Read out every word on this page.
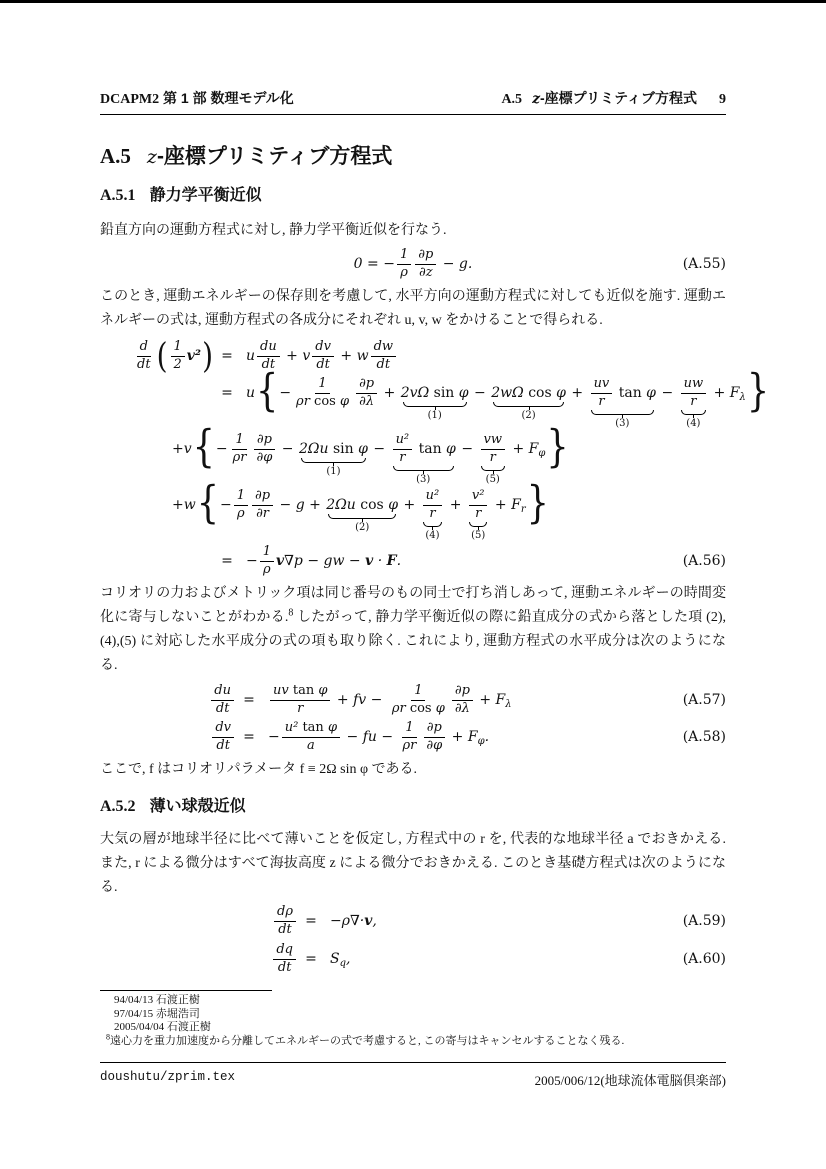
DCAPM2 第 1 部 数理モデル化	A.5 z-座標プリミティブ方程式 9
A.5 z-座標プリミティブ方程式
A.5.1 静力学平衡近似

鉛直方向の運動方程式に対し, 静力学平衡近似を行なう.

0 = − $\frac{1}{\rho} \frac{\partial p}{\partial z} - g$.	(A.55)

このとき, 運動エネルギーの保存則を考慮して, 水平方向の運動方程式に対しても近似を施す. 運動エネルギーの式は, 運動方程式の各成分にそれぞれ u, v, w をかけることで得られる.

$\frac{d}{dt}$ ( $\frac{1}{2} v^2$ ) = u $\frac{du}{dt} + v \frac{dv}{dt} + w \frac{dw}{dt}$
= u { − $\frac{1}{\text{ρr cos φ}} \frac{\partial p}{\partial\lambda} + 2v\Omega$ sin φ
(1)
− 2wΩ cos φ
(2)
+ $\frac{uv}{r}$
tan φ
(3)
− $\frac{uw}{r}$
(4)
+ F λ }
+v { − $\frac{1}{\rho r} \frac{\partial p}{\partial\varphi} - 2\Omega u$ sin φ
(1)
− $\frac{\text{u²}}{r}$
tan φ
(3)
− $\frac{vw}{r}$
(5)
+ F φ }
+w { − $\frac{1}{\rho} \frac{\partial p}{\partial r} - g + 2\Omega u$ cos φ
(2)
+ $\frac{\text{u²}}{r}$
(4)
+ $\frac{\text{v²}}{r}$
(5)
+ F r }
= − $\frac{1}{\rho}$ v ∇p − gw − v · F .	(A.56)

コリオリの力およびメトリック項は同じ番号のもの同士で打ち消しあって, 運動エネルギーの時間変化に寄与しないことがわかる.$^8$ したがって, 静力学平衡近似の際に鉛直成分の式から落とした項 (2),(4),(5) に対応した水平成分の式の項も取り除く. これにより, 運動方程式の水平成分は次のようになる.

$\frac{du}{dt}$ =	$\frac{\text{uv tan φ}}{r}$ + fv − $\frac{1}{\text{ρr cos φ}} \frac{\partial p}{\partial\lambda} + F$ λ	(A.57)
$\frac{dv}{dt}$ = − $\frac{\text{u² tan φ}}{a}$ − fu − $\frac{1}{\rho r} \frac{\partial p}{\partial\varphi} + F$ φ .	(A.58)

ここで, f はコリオリパラメータ f ≡ 2Ω sin φ である.

A.5.2 薄い球殻近似

大気の層が地球半径に比べて薄いことを仮定し, 方程式中の r を, 代表的な地球半径 a でおきかえる. また, r による微分はすべて海抜高度 z による微分でおきかえる. このとき基礎方程式は次のようになる.

$\frac{d\rho}{dt} = -\rho\nabla\cdot v$ ,	(A.59)
$\frac{dq}{dt} = S$ q ,	(A.60)
94/04/13 石渡正樹
97/04/15 赤堀浩司
2005/04/04 石渡正樹
$^8$遠心力を重力加速度から分離してエネルギーの式で考慮すると, この寄与はキャンセルすることなく残る.
doushutu/zprim.tex	2005/006/12(地球流体電脳倶楽部)
